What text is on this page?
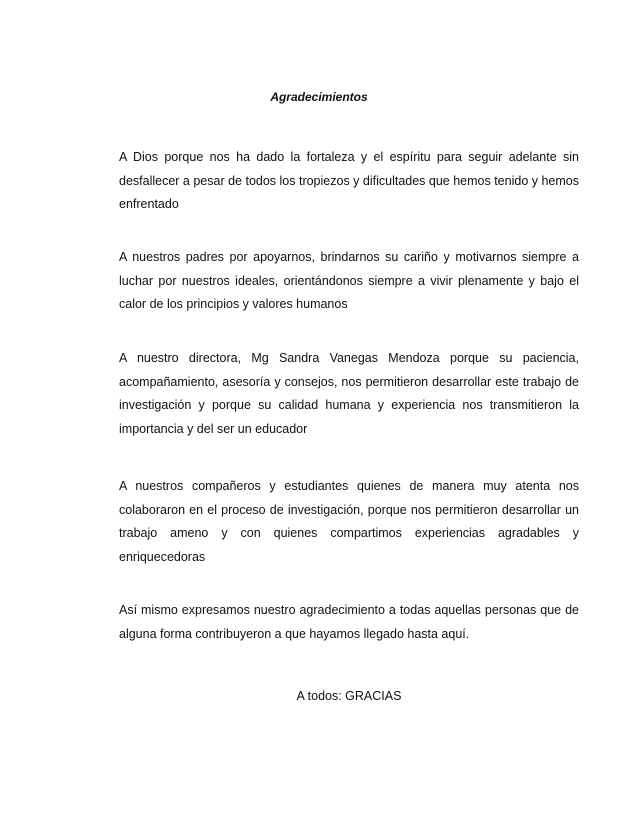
Agradecimientos

A Dios porque nos ha dado la fortaleza y el espíritu para seguir adelante sin desfallecer a pesar de todos los tropiezos y dificultades que hemos tenido y hemos enfrentado

A nuestros padres por apoyarnos, brindarnos su cariño y motivarnos siempre a luchar por nuestros ideales, orientándonos siempre a vivir plenamente y bajo el calor de los principios y valores humanos

A nuestro directora, Mg Sandra Vanegas Mendoza porque su paciencia, acompañamiento, asesoría y consejos, nos permitieron desarrollar este trabajo de investigación y porque su calidad humana y experiencia nos transmitieron la importancia y del ser un educador

A nuestros compañeros y estudiantes quienes de manera muy atenta nos colaboraron en el proceso de investigación, porque nos permitieron desarrollar un trabajo ameno y con quienes compartimos experiencias agradables y enriquecedoras

Así mismo expresamos nuestro agradecimiento a todas aquellas personas que de alguna forma contribuyeron a que hayamos llegado hasta aquí.

A todos: GRACIAS
